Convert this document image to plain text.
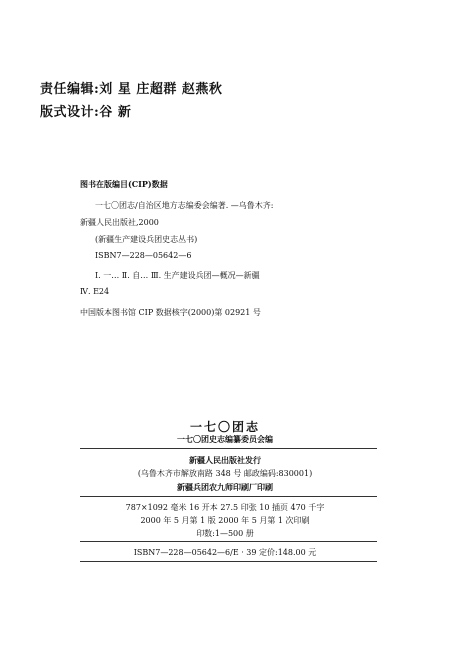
责任编辑:刘 星 庄超群 赵燕秋
版式设计:谷 新
图书在版编目(CIP)数据
一七〇团志/自治区地方志编委会编著. —乌鲁木齐:
新疆人民出版社,2000
(新疆生产建设兵团史志丛书)
ISBN7—228—05642—6
Ⅰ. 一… Ⅱ. 自… Ⅲ. 生产建设兵团—概况—新疆
Ⅳ. E24
中国版本图书馆 CIP 数据核字(2000)第 02921 号
一七〇团志
一七〇团史志编纂委员会编
新疆人民出版社发行
(乌鲁木齐市解放南路 348 号 邮政编码:830001)
新疆兵团农九师印刷厂印刷
787×1092 毫米 16 开本 27.5 印张 10 插页 470 千字
2000 年 5 月第 1 版 2000 年 5 月第 1 次印刷
印数:1—500 册
ISBN7—228—05642—6/E · 39 定价:148.00 元
